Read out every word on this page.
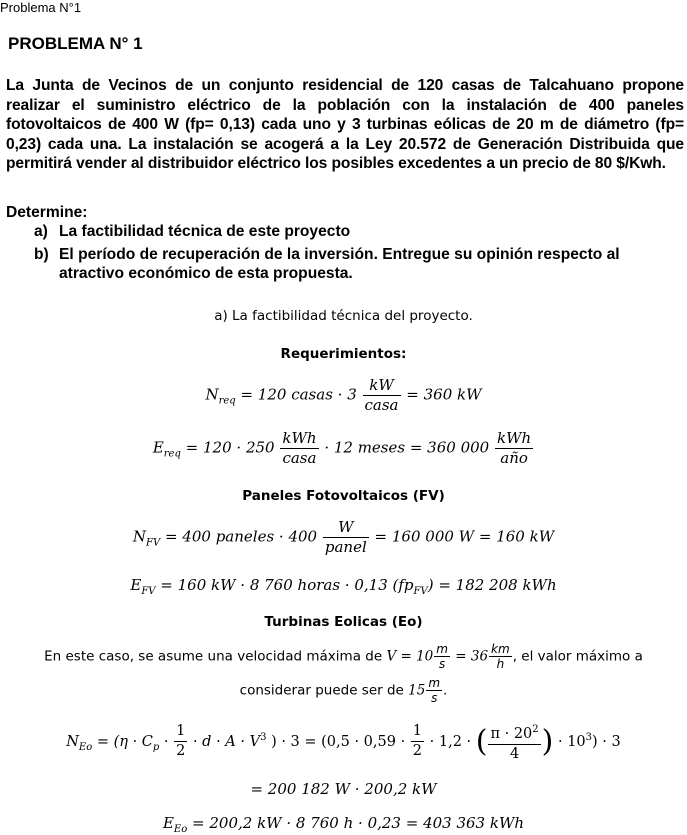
Problema N°1
PROBLEMA N° 1

La Junta de Vecinos de un conjunto residencial de 120 casas de Talcahuano propone realizar el suministro eléctrico de la población con la instalación de 400 paneles fotovoltaicos de 400 W (fp= 0,13) cada uno y 3 turbinas eólicas de 20 m de diámetro (fp= 0,23) cada una. La instalación se acogerá a la Ley 20.572 de Generación Distribuida que permitirá vender al distribuidor eléctrico los posibles excedentes a un precio de 80 $/Kwh.

Determine:
a) La factibilidad técnica de este proyecto
b) El período de recuperación de la inversión. Entregue su opinión respecto al atractivo económico de esta propuesta.
a) La factibilidad técnica del proyecto.
Requerimientos:
$N_{req} = 120$ casas · $3 \frac{kW}{\text{casa}} = 360$ kW
$E_{req} = 120 \cdot 250 \frac{\text{kWh}}{\text{casa}} \cdot 12$ meses = 360 $000 \frac{\text{kWh}}{\text{año}}$
Paneles Fotovoltaicos (FV)
$N_{FV} = 400$ paneles · $400 \frac{W}{\text{panel}} = 160$ 000 W = 160 kW
$E_{FV} = 160$ kW · 8 760 horas · 0,13 $(fp_{FV}) = 182$ 208 kWh
Turbinas Eolicas (Eo)
En este caso, se asume una velocidad máxima de $V = 10 \frac{m}{s} = 36 \frac{km}{h}$ , el valor máximo a
considerar puede ser de $15 \frac{m}{s}$ .
$N_{Eo} = (\eta \cdot C_p \cdot \frac{1}{2} \cdot d \cdot A \cdot V^3$ ) · $3 = (0,5 \cdot 0,59 \cdot \frac{1}{2} \cdot 1,2$ · ( $\frac{\pi \cdot 20^2}{4}$ ) · $10^3) \cdot 3$
= 200 182 W · 200,2 kW
$E_{Eo} = 200,2$ kW · 8 760 h · 0,23 = 403 363 kWh
